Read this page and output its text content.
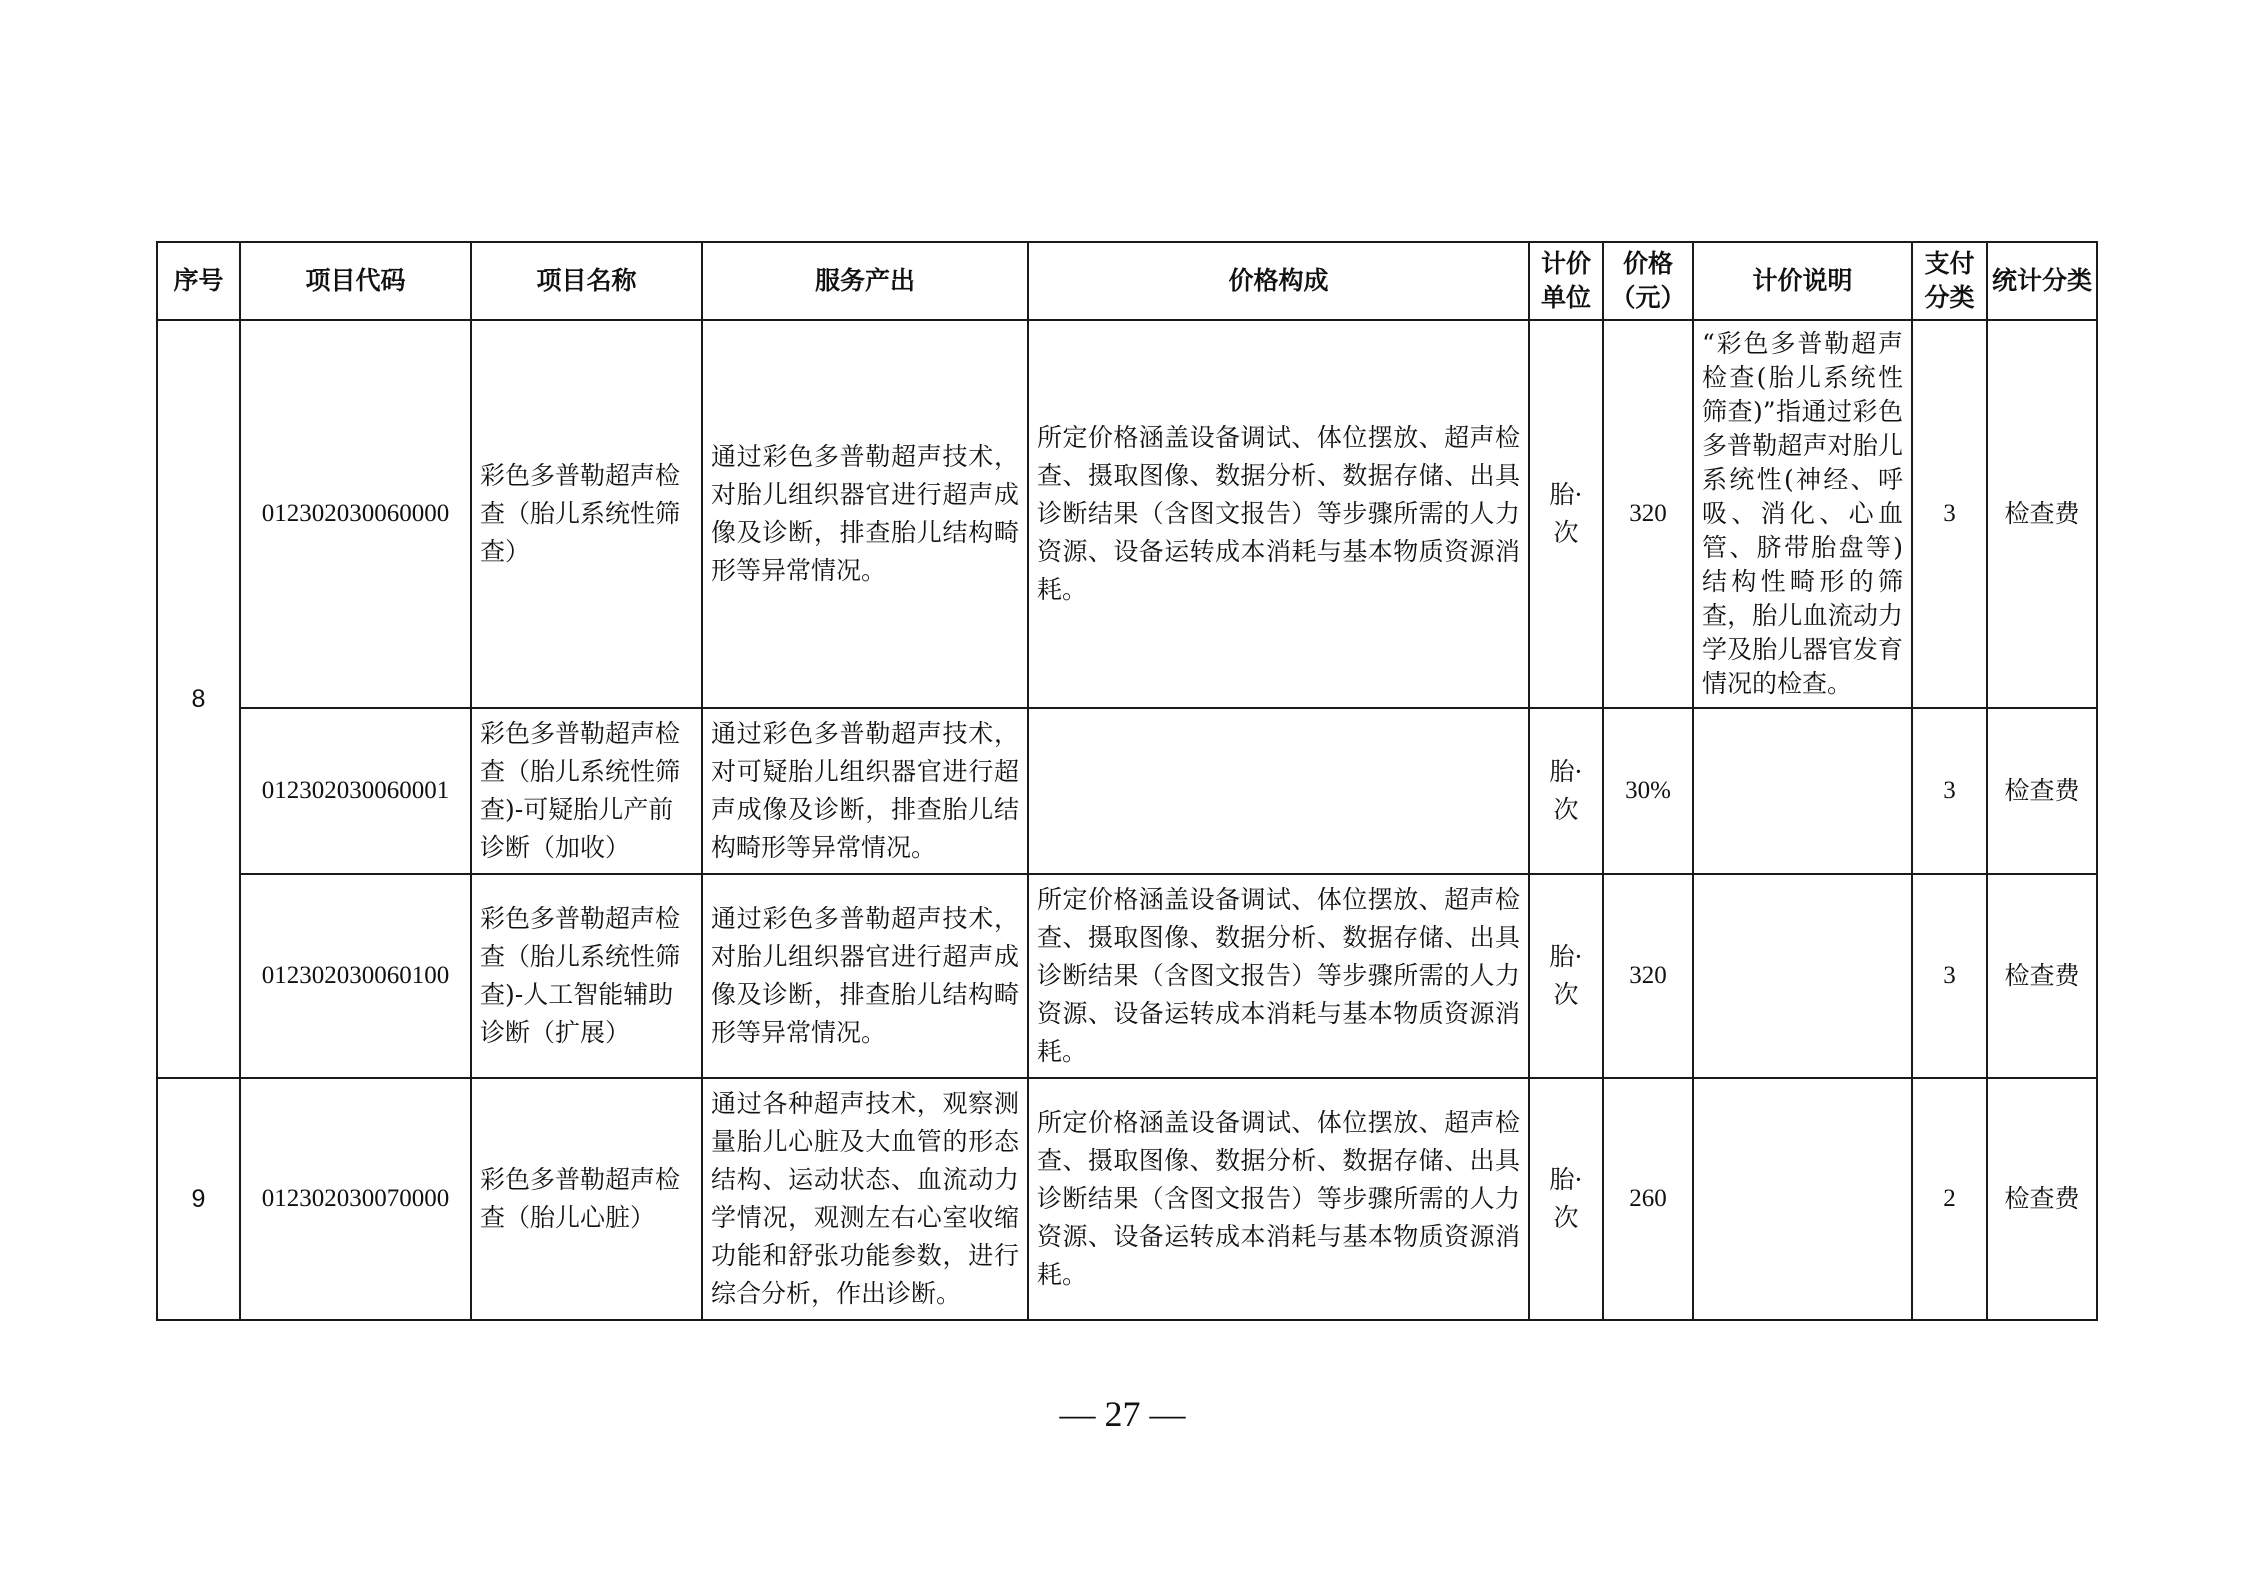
序号	项目代码	项目名称	服务产出	价格构成	计价单位	价格（元）	计价说明	支付分类	统计分类
8	012302030060000	彩色多普勒超声检查（胎儿系统性筛查）	通过彩色多普勒超声技术，对胎儿组织器官进行超声成像及诊断，排查胎儿结构畸形等异常情况。	所定价格涵盖设备调试、体位摆放、超声检查、摄取图像、数据分析、数据存储、出具诊断结果（含图文报告）等步骤所需的人力资源、设备运转成本消耗与基本物质资源消耗。	胎·次	320	“彩色多普勒超声检查(胎儿系统性筛查)”指通过彩色多普勒超声对胎儿系统性(神经、呼吸、消化、心血管、脐带胎盘等)结构性畸形的筛查，胎儿血流动力学及胎儿器官发育情况的检查。	3	检查费
	012302030060001	彩色多普勒超声检查（胎儿系统性筛查)-可疑胎儿产前诊断（加收）	通过彩色多普勒超声技术，对可疑胎儿组织器官进行超声成像及诊断，排查胎儿结构畸形等异常情况。		胎·次	30%		3	检查费
	012302030060100	彩色多普勒超声检查（胎儿系统性筛查)-人工智能辅助诊断（扩展）	通过彩色多普勒超声技术，对胎儿组织器官进行超声成像及诊断，排查胎儿结构畸形等异常情况。	所定价格涵盖设备调试、体位摆放、超声检查、摄取图像、数据分析、数据存储、出具诊断结果（含图文报告）等步骤所需的人力资源、设备运转成本消耗与基本物质资源消耗。	胎·次	320		3	检查费
9	012302030070000	彩色多普勒超声检查（胎儿心脏）	通过各种超声技术，观察测量胎儿心脏及大血管的形态结构、运动状态、血流动力学情况，观测左右心室收缩功能和舒张功能参数，进行综合分析，作出诊断。	所定价格涵盖设备调试、体位摆放、超声检查、摄取图像、数据分析、数据存储、出具诊断结果（含图文报告）等步骤所需的人力资源、设备运转成本消耗与基本物质资源消耗。	胎·次	260		2	检查费
— 27 —
